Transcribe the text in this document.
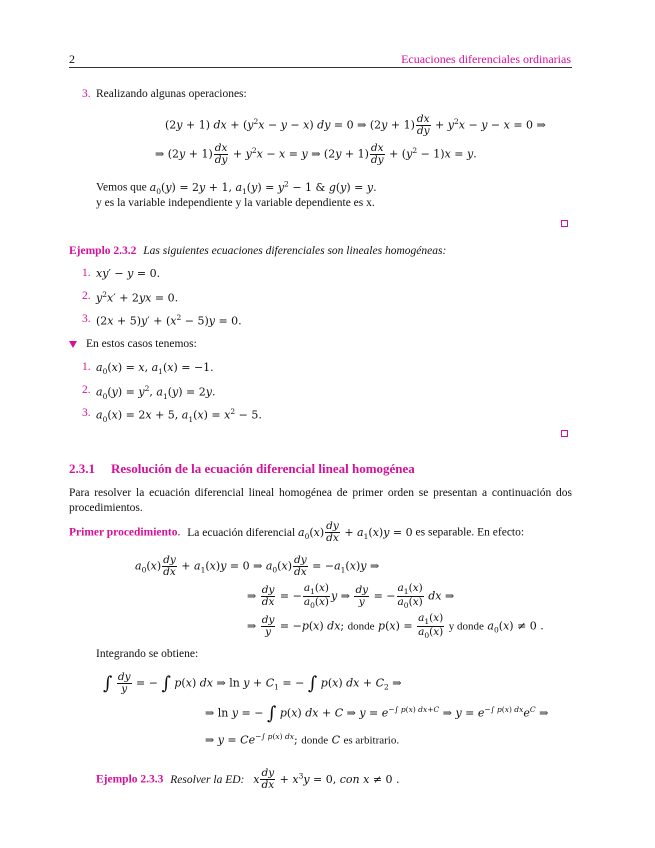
2	Ecuaciones diferenciales ordinarias
3. Realizando algunas operaciones:
(2y + 1) dx + $(y^2x - y - x)$ dy = 0 ⇒ $(2y + 1) \frac{dx}{dy} + y^2x - y - x = 0$ ⇒
⇒ $(2y + 1) \frac{dx}{dy} + y^2x - x = y$ ⇒ $(2y + 1) \frac{dx}{dy} + (y^2 - 1)x = y$.
Vemos que $a_0(y) = 2y + 1$, $a_1(y) = y^2 - 1$ & g(y) = y.
y es la variable independiente y la variable dependiente es x.
Ejemplo 2.3.2 Las siguientes ecuaciones diferenciales son lineales homogéneas:
1. xy′ − y = 0.
2. $y^2x' + 2yx = 0$.
3. $(2x + 5)y' + (x^2 - 5)y = 0$.
En estos casos tenemos:
1. $a_0(x) = x$, $a_1(x) = -1$.
2. $a_0(y) = y^2$, $a_1(y) = 2y$.
3. $a_0(x) = 2x + 5$, $a_1(x) = x^2 - 5$.
2.3.1 Resolución de la ecuación diferencial lineal homogénea
Para resolver la ecuación diferencial lineal homogénea de primer orden se presentan a continuación dos procedimientos.
Primer procedimiento. La ecuación diferencial $a_0(x) \frac{dy}{dx} + a_1(x)y = 0$ es separable. En efecto:
$a_0(x) \frac{dy}{dx} + a_1(x)y = 0$ ⇒ $a_0(x) \frac{dy}{dx} = -a_1(x)y$ ⇒
⇒ $\frac{dy}{dx}$ = − $\frac{a_1(x)}{a_0(x)}$ y ⇒ $\frac{dy}{y}$ = − $\frac{a_1(x)}{a_0(x)}$ dx ⇒
⇒ $\frac{dy}{y} = -p(x)$ dx; donde $p(x) = \frac{a_1(x)}{a_0(x)}$ y donde $a_0(x) \ne 0$ .
Integrando se obtiene:
∫ $\frac{dy}{y}$ = − ∫ p(x) dx ⇒ $\ln y + C_1$ = − ∫ p(x) dx + $C_2$ ⇒
⇒ ln y = − ∫ p(x) dx + C ⇒ $y = e^{-\int p(x) dx+C}$ ⇒ $y = e^{-\int p(x) dx}e^C$ ⇒
⇒ $y = Ce^{-\int p(x) dx}$; donde C es arbitrario.
Ejemplo 2.3.3 Resolver la ED: x $\frac{dy}{dx} + x^3y = 0$, con x ≠ 0 .
